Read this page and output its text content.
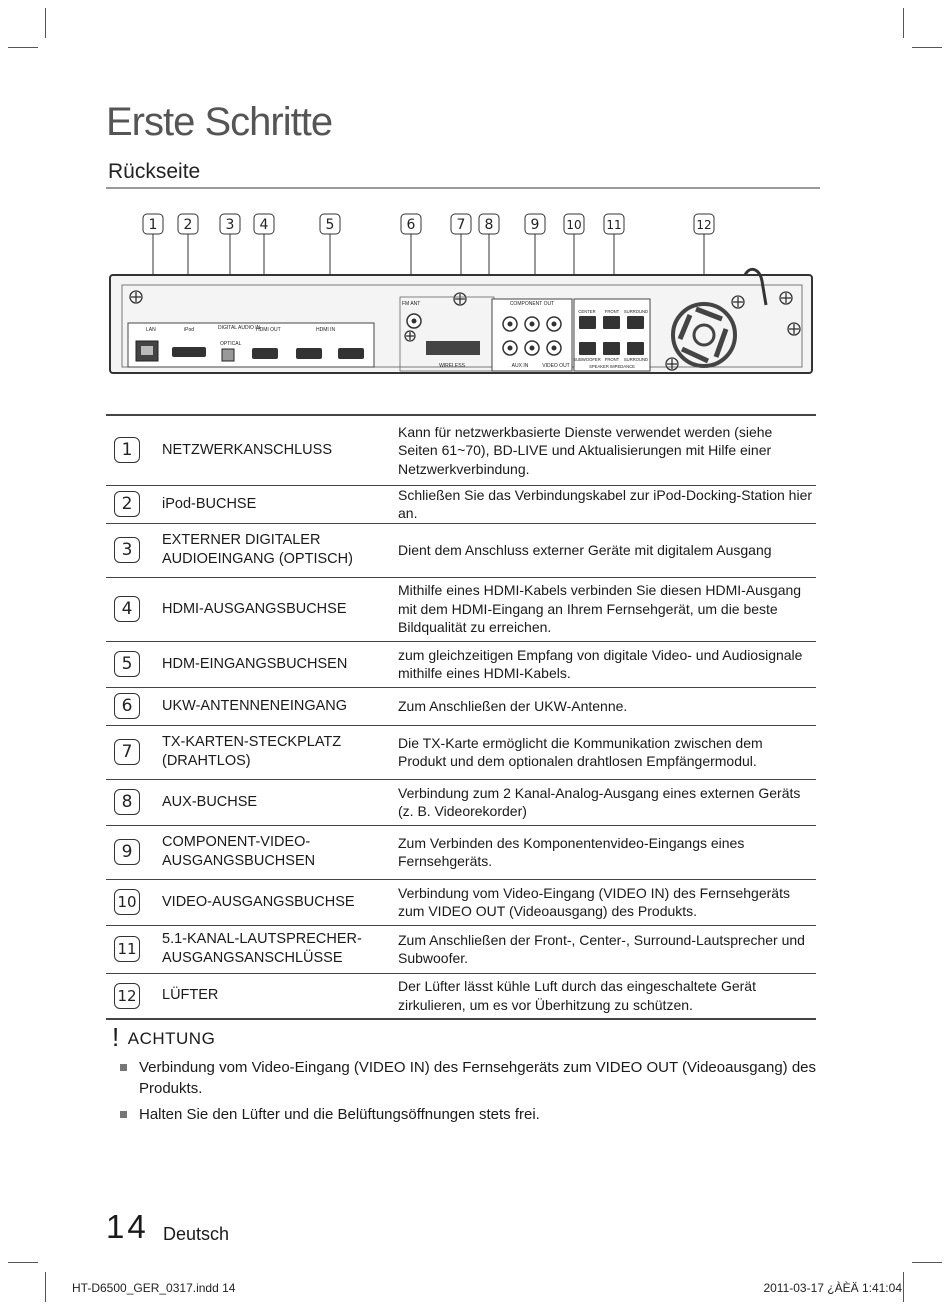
Erste Schritte
Rückseite
1 2 3 4	5	6	7 8	9 10 11	12
LAN	iPod	DIGITAL AUDIO IN
OPTICAL
HDMI OUT	HDMI IN
FM ANT
WIRELESS
COMPONENT OUT
AUX IN	VIDEO OUT
CENTER FRONT SURROUND
SUBWOOFER FRONT SURROUND
SPEAKER IMPEDANCE
1	NETZWERKANSCHLUSS	Kann für netzwerkbasierte Dienste verwendet werden (siehe Seiten 61~70), BD-LIVE und Aktualisierungen mit Hilfe einer Netzwerkverbindung.
2	iPod-BUCHSE	Schließen Sie das Verbindungskabel zur iPod-Docking-Station hier an.
3	EXTERNER DIGITALER AUDIOEINGANG (OPTISCH)	Dient dem Anschluss externer Geräte mit digitalem Ausgang
4	HDMI-AUSGANGSBUCHSE	Mithilfe eines HDMI-Kabels verbinden Sie diesen HDMI-Ausgang mit dem HDMI-Eingang an Ihrem Fernsehgerät, um die beste Bildqualität zu erreichen.
5	HDM-EINGANGSBUCHSEN	zum gleichzeitigen Empfang von digitale Video- und Audiosignale mithilfe eines HDMI-Kabels.
6	UKW-ANTENNENEINGANG	Zum Anschließen der UKW-Antenne.
7	TX-KARTEN-STECKPLATZ (DRAHTLOS)	Die TX-Karte ermöglicht die Kommunikation zwischen dem Produkt und dem optionalen drahtlosen Empfängermodul.
8	AUX-BUCHSE	Verbindung zum 2 Kanal-Analog-Ausgang eines externen Geräts (z. B. Videorekorder)
9	COMPONENT-VIDEO-AUSGANGSBUCHSEN	Zum Verbinden des Komponentenvideo-Eingangs eines Fernsehgeräts.
10	VIDEO-AUSGANGSBUCHSE	Verbindung vom Video-Eingang (VIDEO IN) des Fernsehgeräts zum VIDEO OUT (Videoausgang) des Produkts.
11	5.1-KANAL-LAUTSPRECHER-AUSGANGSANSCHLÜSSE	Zum Anschließen der Front-, Center-, Surround-Lautsprecher und Subwoofer.
12	LÜFTER	Der Lüfter lässt kühle Luft durch das eingeschaltete Gerät zirkulieren, um es vor Überhitzung zu schützen.
! ACHTUNG
Verbindung vom Video-Eingang (VIDEO IN) des Fernsehgeräts zum VIDEO OUT (Videoausgang) des Produkts.
Halten Sie den Lüfter und die Belüftungsöffnungen stets frei.
14 Deutsch
HT-D6500_GER_0317.indd 14	2011-03-17 ¿ÀÈÄ 1:41:04
